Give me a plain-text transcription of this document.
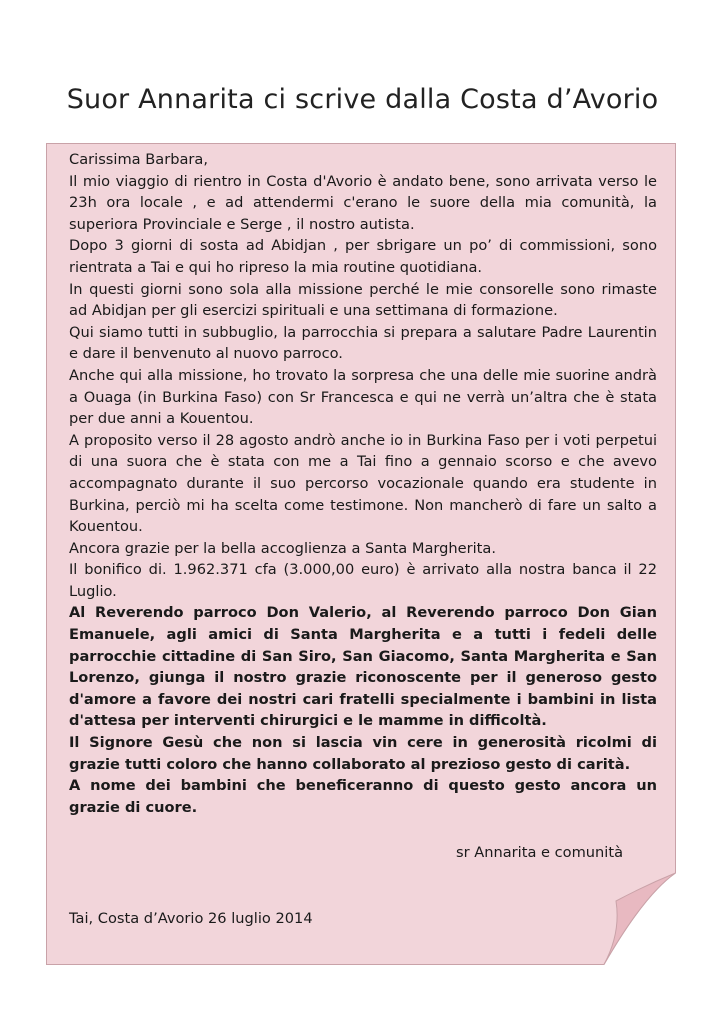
Suor Annarita ci scrive dalla Costa d’Avorio

Carissima Barbara,

Il mio viaggio di rientro in Costa d'Avorio è andato bene, sono arrivata verso le 23h ora locale , e ad attendermi c'erano le suore della mia comunità, la superiora Provinciale e Serge , il nostro autista.

Dopo 3 giorni di sosta ad Abidjan , per sbrigare un po’ di commissioni, sono rientrata a Tai e qui ho ripreso la mia routine quotidiana.

In questi giorni sono sola alla missione perché le mie consorelle sono rimaste ad Abidjan per gli esercizi spirituali e una settimana di formazione.

Qui siamo tutti in subbuglio, la parrocchia si prepara a salutare Padre Laurentin e dare il benvenuto al nuovo parroco.

Anche qui alla missione, ho trovato la sorpresa che una delle mie suorine andrà a Ouaga (in Burkina Faso) con Sr Francesca e qui ne verrà un’altra che è stata per due anni a Kouentou.

A proposito verso il 28 agosto andrò anche io in Burkina Faso per i voti perpetui di una suora che è stata con me a Tai fino a gennaio scorso e che avevo accompagnato durante il suo percorso vocazionale quando era studente in Burkina, perciò mi ha scelta come testimone. Non mancherò di fare un salto a Kouentou.

Ancora grazie per la bella accoglienza a Santa Margherita.

Il bonifico di. 1.962.371 cfa (3.000,00 euro) è arrivato alla nostra banca il 22 Luglio.

Al Reverendo parroco Don Valerio, al Reverendo parroco Don Gian Emanuele, agli amici di Santa Margherita e a tutti i fedeli delle parrocchie cittadine di San Siro, San Giacomo, Santa Margherita e San Lorenzo, giunga il nostro grazie riconoscente per il generoso gesto d'amore a favore dei nostri cari fratelli specialmente i bambini in lista d'attesa per interventi chirurgici e le mamme in difficoltà.

Il Signore Gesù che non si lascia vin cere in generosità ricolmi di grazie tutti coloro che hanno collaborato al prezioso gesto di carità.

A nome dei bambini che beneficeranno di questo gesto ancora un grazie di cuore.

sr Annarita e comunità
Tai, Costa d’Avorio 26 luglio 2014
